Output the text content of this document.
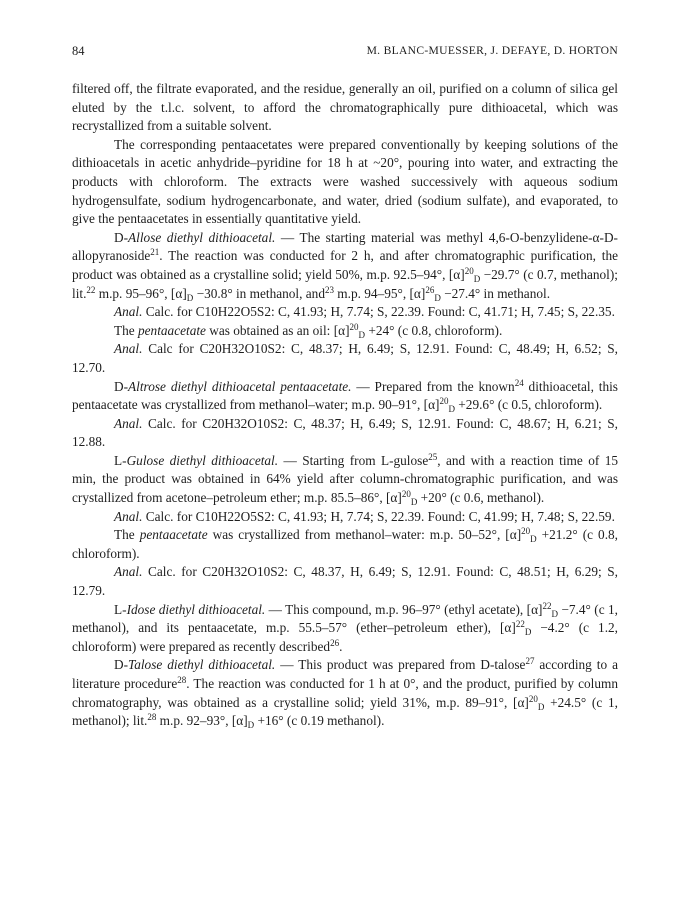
84	M. BLANC-MUESSER, J. DEFAYE, D. HORTON

filtered off, the filtrate evaporated, and the residue, generally an oil, purified on a column of silica gel eluted by the t.l.c. solvent, to afford the chromatographically pure dithioacetal, which was recrystallized from a suitable solvent.

The corresponding pentaacetates were prepared conventionally by keeping solutions of the dithioacetals in acetic anhydride–pyridine for 18 h at ~20°, pouring into water, and extracting the products with chloroform. The extracts were washed successively with aqueous sodium hydrogensulfate, sodium hydrogencarbonate, and water, dried (sodium sulfate), and evaporated, to give the pentaacetates in essentially quantitative yield.

D-Allose diethyl dithioacetal. — The starting material was methyl 4,6-O-benzylidene-α-D-allopyranoside$^{21}$. The reaction was conducted for 2 h, and after chromatographic purification, the product was obtained as a crystalline solid; yield 50%, m.p. 92.5–94°, $[\alpha]^{20}_D -29.7^\circ$ (c 0.7, methanol); lit.$^{22}$ m.p. 95–96°, $[\alpha]_D -30.8^\circ$ in methanol, and$^{23}$ m.p. 94–95°, $[\alpha]^{26}_D -27.4^\circ$ in methanol.

Anal. Calc. for C10H22O5S2: C, 41.93; H, 7.74; S, 22.39. Found: C, 41.71; H, 7.45; S, 22.35.

The pentaacetate was obtained as an oil: $[\alpha]^{20}_D +24^\circ$ (c 0.8, chloroform).

Anal. Calc for C20H32O10S2: C, 48.37; H, 6.49; S, 12.91. Found: C, 48.49; H, 6.52; S, 12.70.

D-Altrose diethyl dithioacetal pentaacetate. — Prepared from the known$^{24}$ dithioacetal, this pentaacetate was crystallized from methanol–water; m.p. 90–91°, $[\alpha]^{20}_D +29.6^\circ$ (c 0.5, chloroform).

Anal. Calc. for C20H32O10S2: C, 48.37; H, 6.49; S, 12.91. Found: C, 48.67; H, 6.21; S, 12.88.

L-Gulose diethyl dithioacetal. — Starting from L-gulose$^{25}$, and with a reaction time of 15 min, the product was obtained in 64% yield after column-chromatographic purification, and was crystallized from acetone–petroleum ether; m.p. 85.5–86°, $[\alpha]^{20}_D +20^\circ$ (c 0.6, methanol).

Anal. Calc. for C10H22O5S2: C, 41.93; H, 7.74; S, 22.39. Found: C, 41.99; H, 7.48; S, 22.59.

The pentaacetate was crystallized from methanol–water: m.p. 50–52°, $[\alpha]^{20}_D +21.2^\circ$ (c 0.8, chloroform).

Anal. Calc. for C20H32O10S2: C, 48.37, H, 6.49; S, 12.91. Found: C, 48.51; H, 6.29; S, 12.79.

L-Idose diethyl dithioacetal. — This compound, m.p. 96–97° (ethyl acetate), $[\alpha]^{22}_D -7.4^\circ$ (c 1, methanol), and its pentaacetate, m.p. 55.5–57° (ether–petroleum ether), $[\alpha]^{22}_D -4.2^\circ$ (c 1.2, chloroform) were prepared as recently described$^{26}$.

D-Talose diethyl dithioacetal. — This product was prepared from D-talose$^{27}$ according to a literature procedure$^{28}$. The reaction was conducted for 1 h at 0°, and the product, purified by column chromatography, was obtained as a crystalline solid; yield 31%, m.p. 89–91°, $[\alpha]^{20}_D +24.5^\circ$ (c 1, methanol); lit.$^{28}$ m.p. 92–93°, $[\alpha]_D +16^\circ$ (c 0.19 methanol).
